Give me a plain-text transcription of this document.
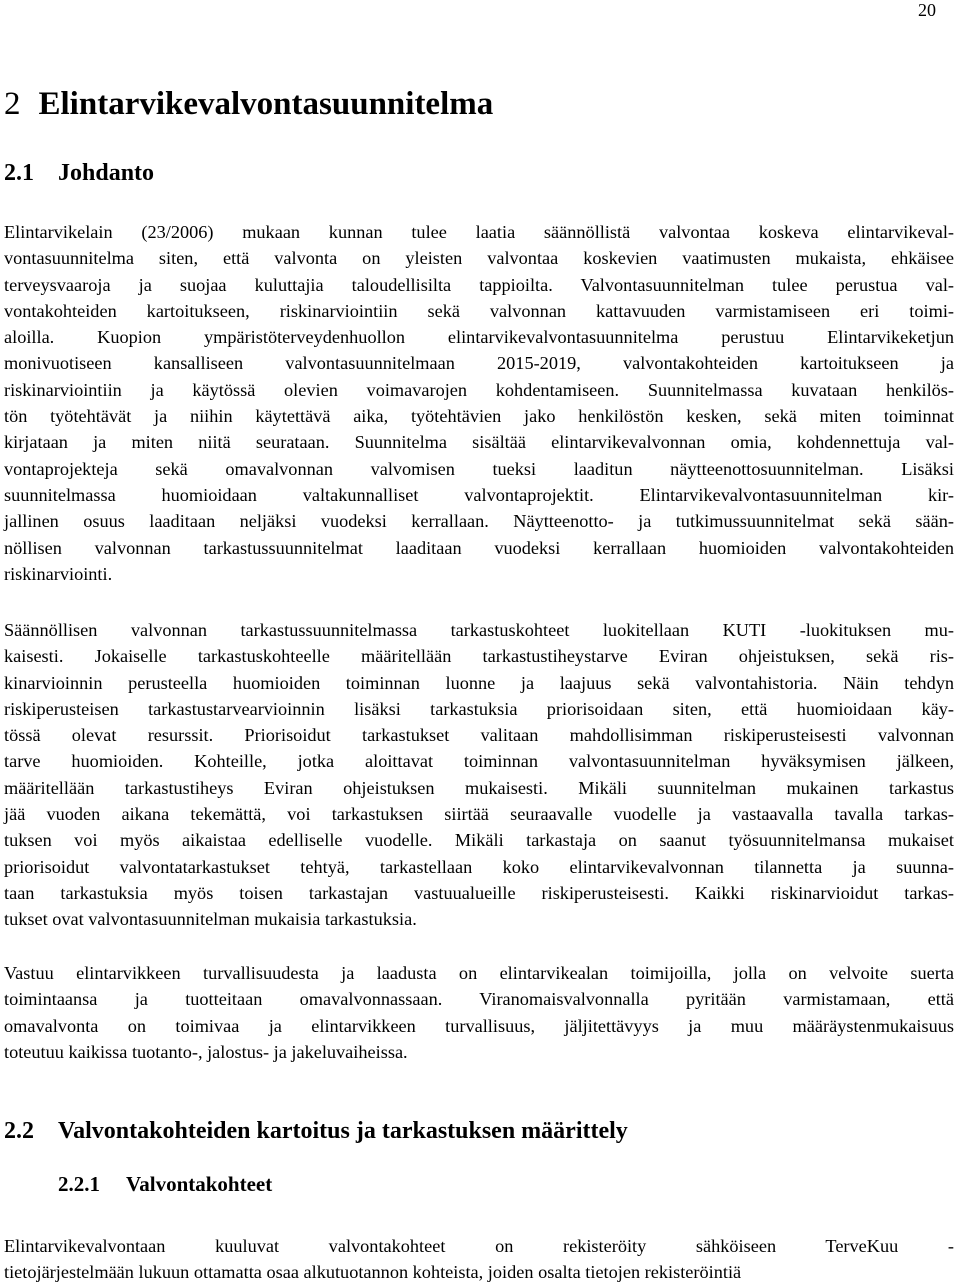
20
2 Elintarvikevalvontasuunnitelma
2.1 Johdanto
Elintarvikelain (23/2006) mukaan kunnan tulee laatia säännöllistä valvontaa koskeva elintarvikeval-
vontasuunnitelma siten, että valvonta on yleisten valvontaa koskevien vaatimusten mukaista, ehkäisee
terveysvaaroja ja suojaa kuluttajia taloudellisilta tappioilta. Valvontasuunnitelman tulee perustua val-
vontakohteiden kartoitukseen, riskinarviointiin sekä valvonnan kattavuuden varmistamiseen eri toimi-
aloilla. Kuopion ympäristöterveydenhuollon elintarvikevalvontasuunnitelma perustuu Elintarvikeketjun
monivuotiseen kansalliseen valvontasuunnitelmaan 2015-2019, valvontakohteiden kartoitukseen ja
riskinarviointiin ja käytössä olevien voimavarojen kohdentamiseen. Suunnitelmassa kuvataan henkilös-
tön työtehtävät ja niihin käytettävä aika, työtehtävien jako henkilöstön kesken, sekä miten toiminnat
kirjataan ja miten niitä seurataan. Suunnitelma sisältää elintarvikevalvonnan omia, kohdennettuja val-
vontaprojekteja sekä omavalvonnan valvomisen tueksi laaditun näytteenottosuunnitelman. Lisäksi
suunnitelmassa huomioidaan valtakunnalliset valvontaprojektit. Elintarvikevalvontasuunnitelman kir-
jallinen osuus laaditaan neljäksi vuodeksi kerrallaan. Näytteenotto- ja tutkimussuunnitelmat sekä sään-
nöllisen valvonnan tarkastussuunnitelmat laaditaan vuodeksi kerrallaan huomioiden valvontakohteiden
riskinarviointi.
Säännöllisen valvonnan tarkastussuunnitelmassa tarkastuskohteet luokitellaan KUTI -luokituksen mu-
kaisesti. Jokaiselle tarkastuskohteelle määritellään tarkastustiheystarve Eviran ohjeistuksen, sekä ris-
kinarvioinnin perusteella huomioiden toiminnan luonne ja laajuus sekä valvontahistoria. Näin tehdyn
riskiperusteisen tarkastustarvearvioinnin lisäksi tarkastuksia priorisoidaan siten, että huomioidaan käy-
tössä olevat resurssit. Priorisoidut tarkastukset valitaan mahdollisimman riskiperusteisesti valvonnan
tarve huomioiden. Kohteille, jotka aloittavat toiminnan valvontasuunnitelman hyväksymisen jälkeen,
määritellään tarkastustiheys Eviran ohjeistuksen mukaisesti. Mikäli suunnitelman mukainen tarkastus
jää vuoden aikana tekemättä, voi tarkastuksen siirtää seuraavalle vuodelle ja vastaavalla tavalla tarkas-
tuksen voi myös aikaistaa edelliselle vuodelle. Mikäli tarkastaja on saanut työsuunnitelmansa mukaiset
priorisoidut valvontatarkastukset tehtyä, tarkastellaan koko elintarvikevalvonnan tilannetta ja suunna-
taan tarkastuksia myös toisen tarkastajan vastuualueille riskiperusteisesti. Kaikki riskinarvioidut tarkas-
tukset ovat valvontasuunnitelman mukaisia tarkastuksia.
Vastuu elintarvikkeen turvallisuudesta ja laadusta on elintarvikealan toimijoilla, jolla on velvoite suerta
toimintaansa ja tuotteitaan omavalvonnassaan. Viranomaisvalvonnalla pyritään varmistamaan, että
omavalvonta on toimivaa ja elintarvikkeen turvallisuus, jäljitettävyys ja muu määräystenmukaisuus
toteutuu kaikissa tuotanto-, jalostus- ja jakeluvaiheissa.
2.2 Valvontakohteiden kartoitus ja tarkastuksen määrittely
2.2.1 Valvontakohteet
Elintarvikevalvontaan kuuluvat valvontakohteet on rekisteröity sähköiseen TerveKuu -
tietojärjestelmään lukuun ottamatta osaa alkutuotannon kohteista, joiden osalta tietojen rekisteröintiä
